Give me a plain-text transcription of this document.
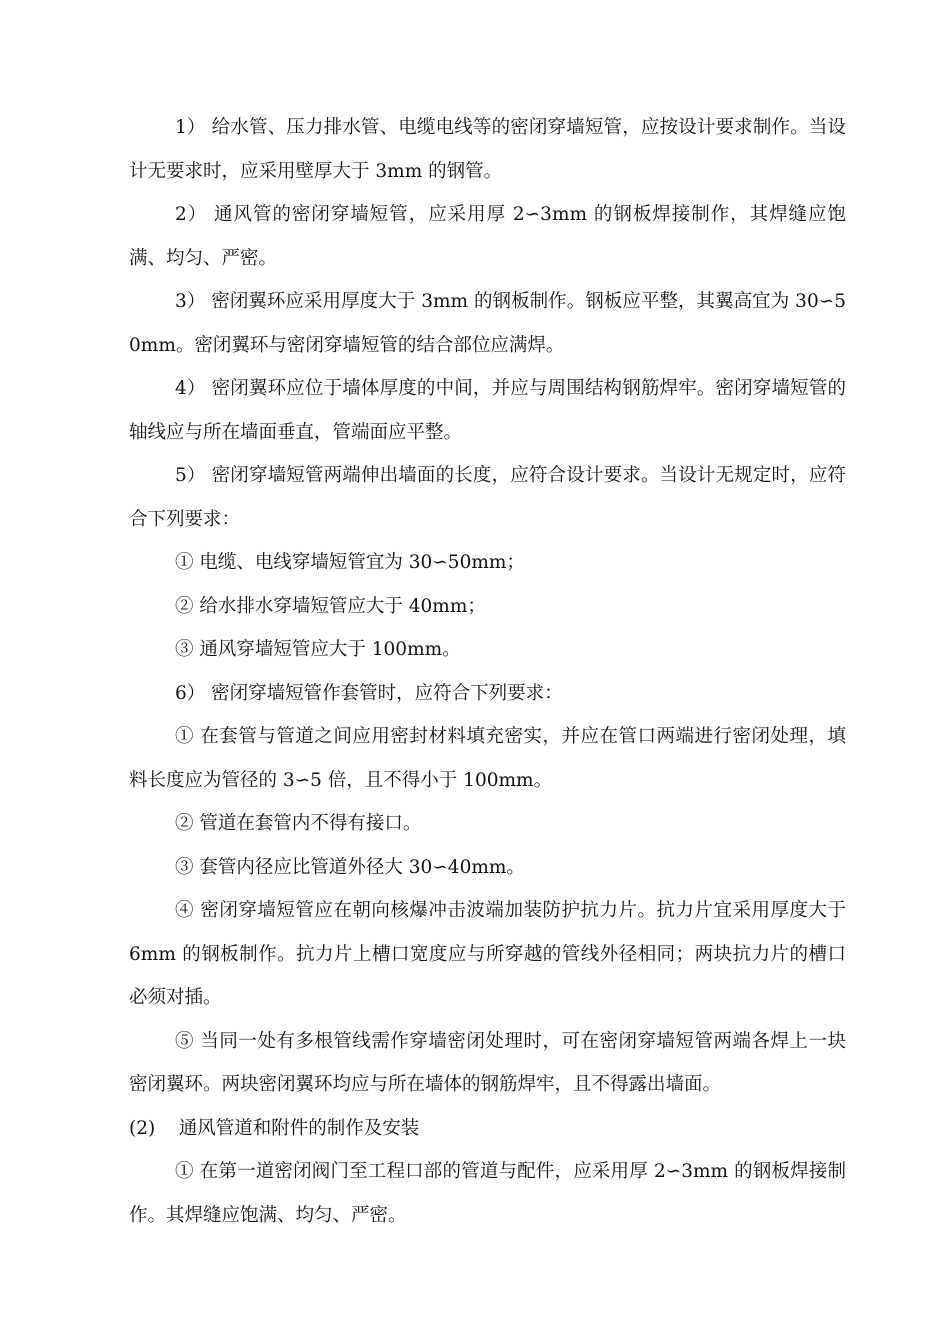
1） 给水管、压力排水管、电缆电线等的密闭穿墙短管，应按设计要求制作。当设计无要求时，应采用壁厚大于 3mm 的钢管。

2） 通风管的密闭穿墙短管，应采用厚 2∽3mm 的钢板焊接制作，其焊缝应饱满、均匀、严密。

3） 密闭翼环应采用厚度大于 3mm 的钢板制作。钢板应平整，其翼高宜为 30∽50mm。密闭翼环与密闭穿墙短管的结合部位应满焊。

4） 密闭翼环应位于墙体厚度的中间，并应与周围结构钢筋焊牢。密闭穿墙短管的轴线应与所在墙面垂直，管端面应平整。

5） 密闭穿墙短管两端伸出墙面的长度，应符合设计要求。当设计无规定时，应符合下列要求：

① 电缆、电线穿墙短管宜为 30∽50mm；

② 给水排水穿墙短管应大于 40mm；

③ 通风穿墙短管应大于 100mm。

6） 密闭穿墙短管作套管时，应符合下列要求：

① 在套管与管道之间应用密封材料填充密实，并应在管口两端进行密闭处理，填料长度应为管径的 3∽5 倍，且不得小于 100mm。

② 管道在套管内不得有接口。

③ 套管内径应比管道外径大 30∽40mm。

④ 密闭穿墙短管应在朝向核爆冲击波端加装防护抗力片。抗力片宜采用厚度大于 6mm 的钢板制作。抗力片上槽口宽度应与所穿越的管线外径相同；两块抗力片的槽口必须对插。

⑤ 当同一处有多根管线需作穿墙密闭处理时，可在密闭穿墙短管两端各焊上一块密闭翼环。两块密闭翼环均应与所在墙体的钢筋焊牢，且不得露出墙面。

(2)    通风管道和附件的制作及安装

① 在第一道密闭阀门至工程口部的管道与配件，应采用厚 2∽3mm 的钢板焊接制作。其焊缝应饱满、均匀、严密。
